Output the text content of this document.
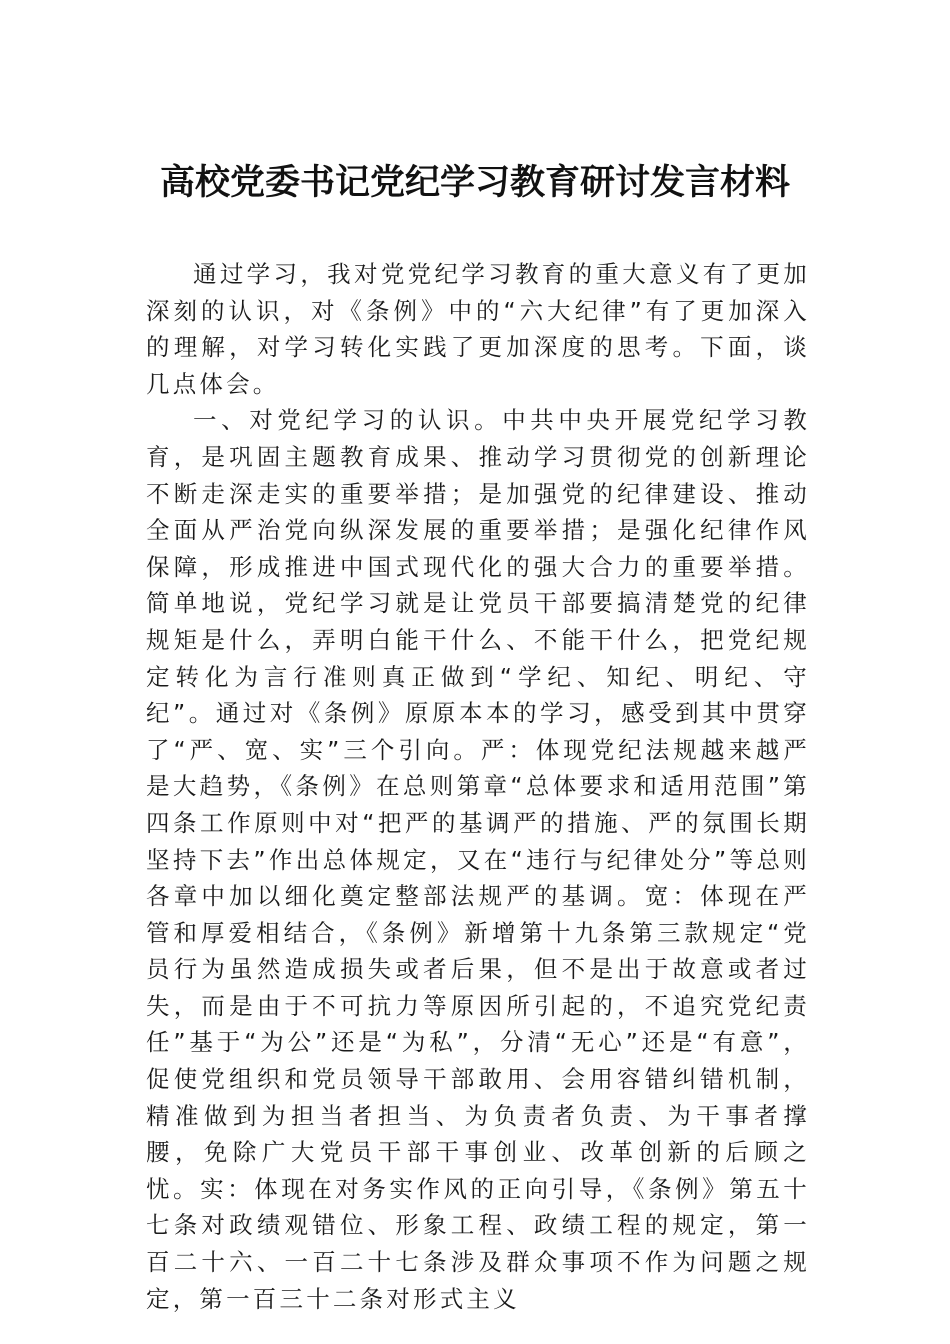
高校党委书记党纪学习教育研讨发言材料

通过学习，我对党党纪学习教育的重大意义有了更加深刻的认识，对《条例》中的“六大纪律”有了更加深入的理解，对学习转化实践了更加深度的思考。下面，谈几点体会。

一、对党纪学习的认识。中共中央开展党纪学习教育，是巩固主题教育成果、推动学习贯彻党的创新理论不断走深走实的重要举措；是加强党的纪律建设、推动全面从严治党向纵深发展的重要举措；是强化纪律作风保障，形成推进中国式现代化的强大合力的重要举措。简单地说，党纪学习就是让党员干部要搞清楚党的纪律规矩是什么，弄明白能干什么、不能干什么，把党纪规定转化为言行准则真正做到“学纪、知纪、明纪、守纪”。通过对《条例》原原本本的学习，感受到其中贯穿了“严、宽、实”三个引向。严：体现党纪法规越来越严是大趋势，《条例》在总则第章“总体要求和适用范围”第四条工作原则中对“把严的基调严的措施、严的氛围长期坚持下去”作出总体规定，又在“违行与纪律处分”等总则各章中加以细化奠定整部法规严的基调。宽：体现在严管和厚爱相结合，《条例》新增第十九条第三款规定“党员行为虽然造成损失或者后果，但不是出于故意或者过失，而是由于不可抗力等原因所引起的，不追究党纪责任”基于“为公”还是“为私”，分清“无心”还是“有意”，促使党组织和党员领导干部敢用、会用容错纠错机制，精准做到为担当者担当、为负责者负责、为干事者撑腰，免除广大党员干部干事创业、改革创新的后顾之忧。实：体现在对务实作风的正向引导，《条例》第五十七条对政绩观错位、形象工程、政绩工程的规定，第一百二十六、一百二十七条涉及群众事项不作为问题之规定，第一百三十二条对形式主义
